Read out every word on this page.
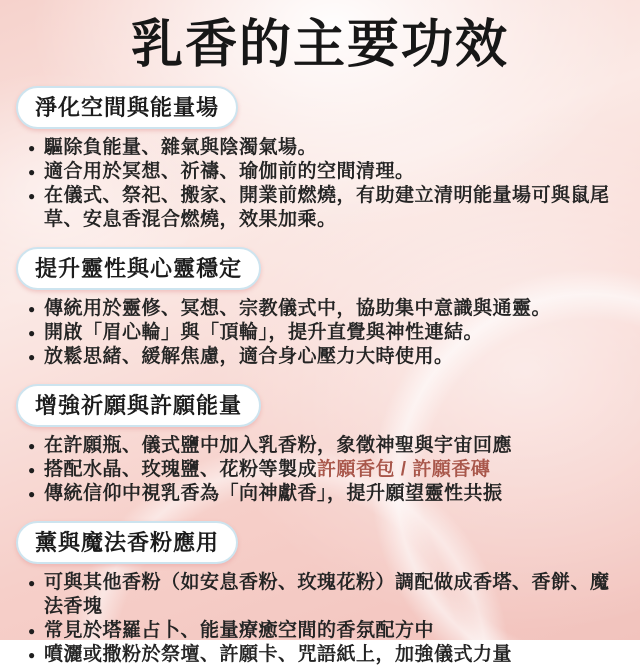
乳香的主要功效
淨化空間與能量場
● 驅除負能量、雜氣與陰濁氣場。
● 適合用於冥想、祈禱、瑜伽前的空間清理。
● 在儀式、祭祀、搬家、開業前燃燒，有助建立清明能量場可與鼠尾草、安息香混合燃燒，效果加乘。
提升靈性與心靈穩定
● 傳統用於靈修、冥想、宗教儀式中，協助集中意識與通靈。
● 開啟「眉心輪」與「頂輪」，提升直覺與神性連結。
● 放鬆思緒、緩解焦慮，適合身心壓力大時使用。
增強祈願與許願能量
● 在許願瓶、儀式鹽中加入乳香粉，象徵神聖與宇宙回應
● 搭配水晶、玫瑰鹽、花粉等製成許願香包 / 許願香磚
● 傳統信仰中視乳香為「向神獻香」，提升願望靈性共振
薰與魔法香粉應用
● 可與其他香粉（如安息香粉、玫瑰花粉）調配做成香塔、香餅、魔法香塊
● 常見於塔羅占卜、能量療癒空間的香氛配方中
● 噴灑或撒粉於祭壇、許願卡、咒語紙上，加強儀式力量
